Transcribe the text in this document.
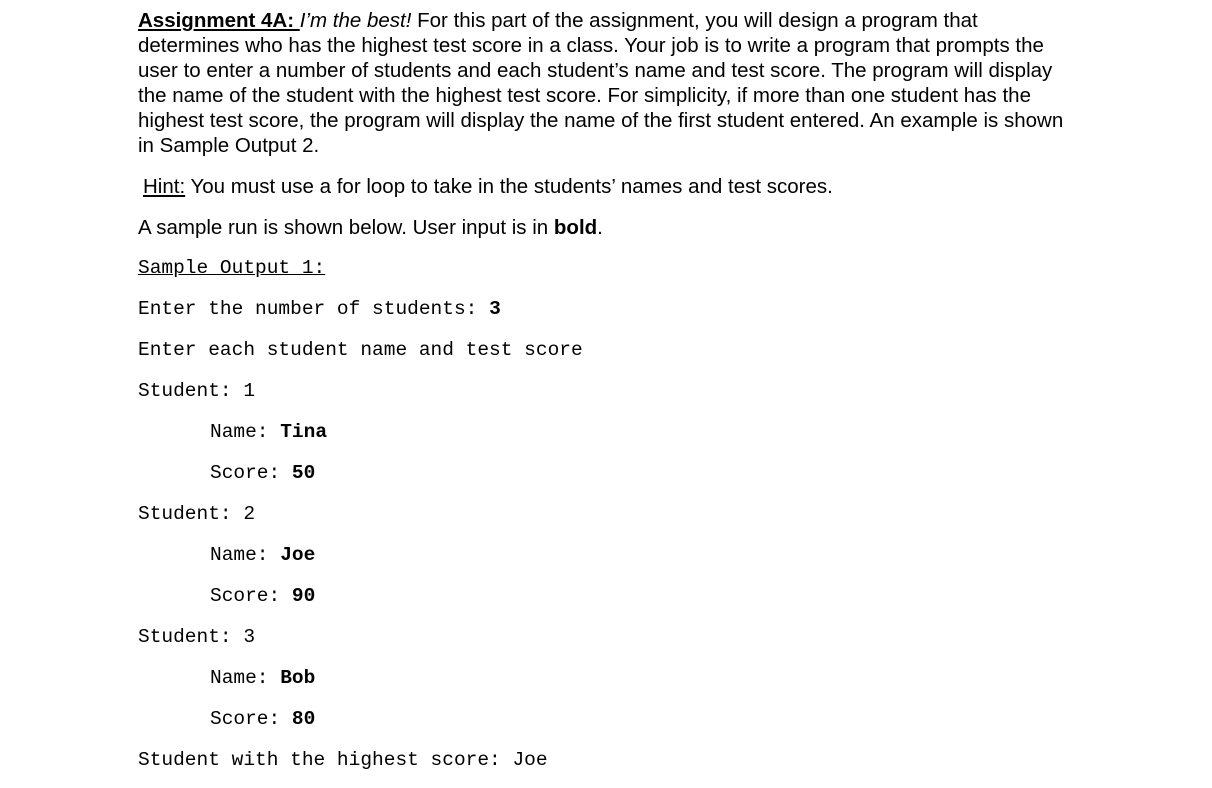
Assignment 4A: I’m the best! For this part of the assignment, you will design a program that determines who has the highest test score in a class. Your job is to write a program that prompts the user to enter a number of students and each student’s name and test score. The program will display the name of the student with the highest test score. For simplicity, if more than one student has the highest test score, the program will display the name of the first student entered. An example is shown in Sample Output 2.

Hint: You must use a for loop to take in the students’ names and test scores.

A sample run is shown below. User input is in bold.

Sample Output 1:

Enter the number of students: 3

Enter each student name and test score

Student: 1

Name: Tina

Score: 50

Student: 2

Name: Joe

Score: 90

Student: 3

Name: Bob

Score: 80

Student with the highest score: Joe
